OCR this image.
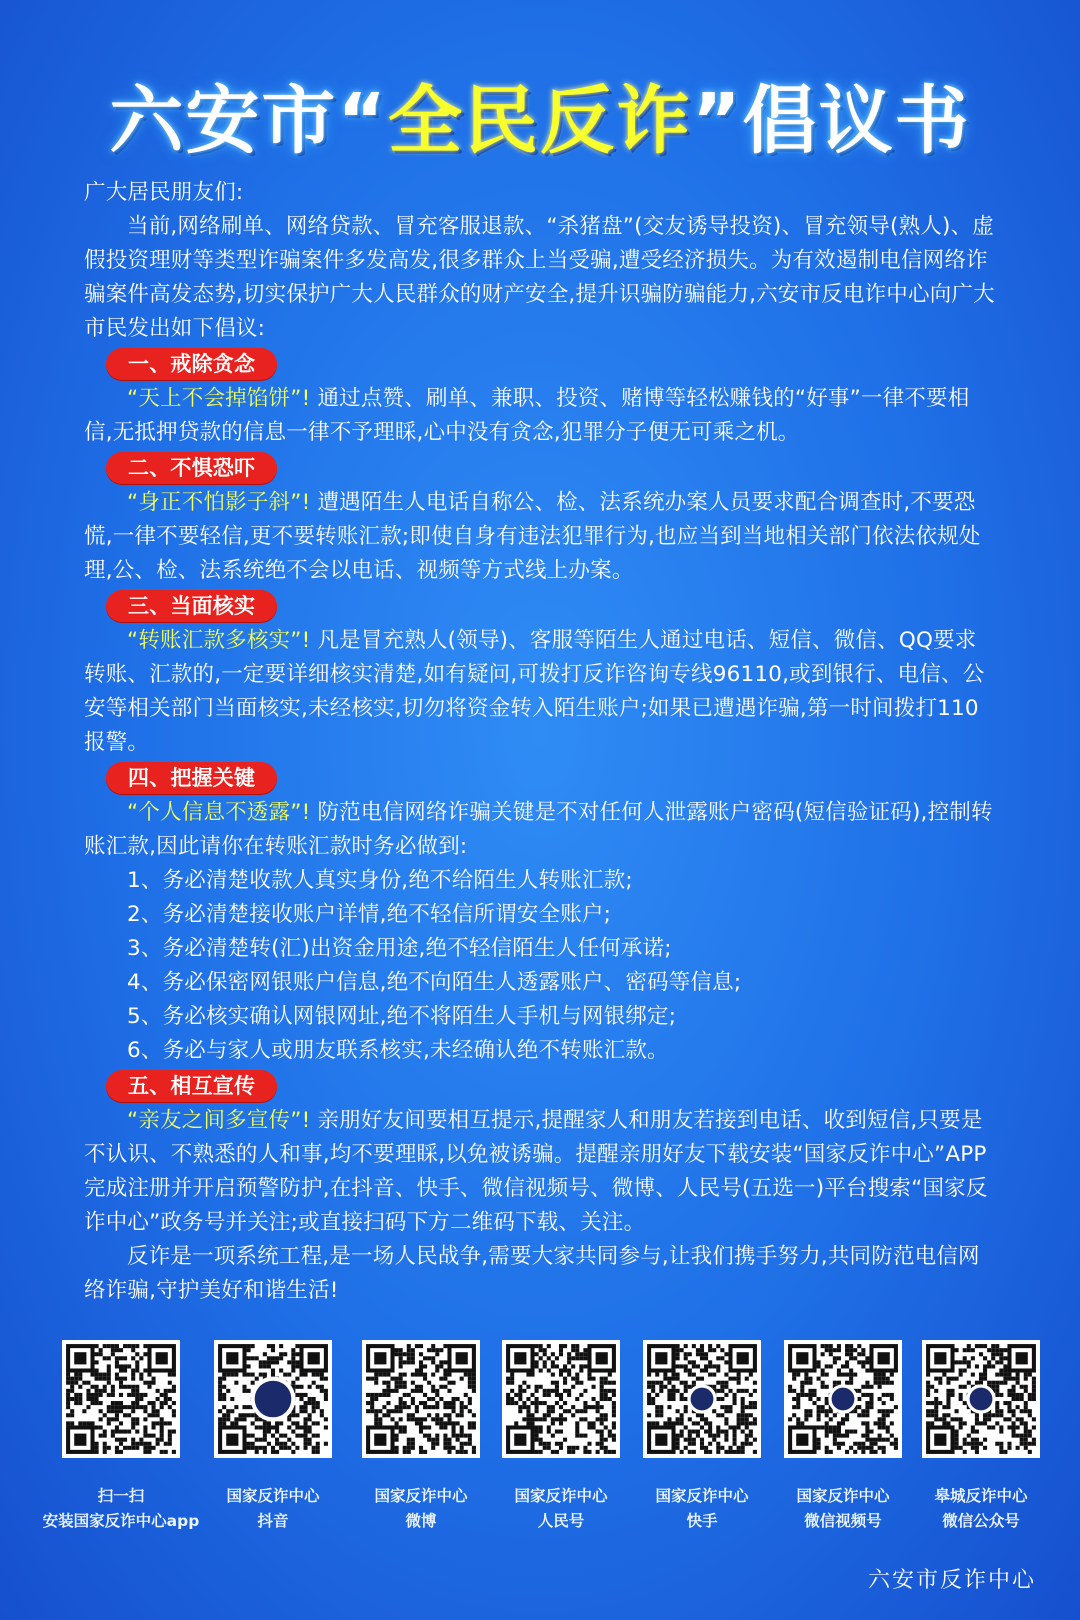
六安市“全民反诈”倡议书

广大居民朋友们:

当前,网络刷单、网络贷款、冒充客服退款、“杀猪盘”(交友诱导投资)、冒充领导(熟人)、虚假投资理财等类型诈骗案件多发高发,很多群众上当受骗,遭受经济损失。为有效遏制电信网络诈骗案件高发态势,切实保护广大人民群众的财产安全,提升识骗防骗能力,六安市反电诈中心向广大市民发出如下倡议:

一、戒除贪念

“天上不会掉馅饼”! 通过点赞、刷单、兼职、投资、赌博等轻松赚钱的“好事”一律不要相信,无抵押贷款的信息一律不予理睬,心中没有贪念,犯罪分子便无可乘之机。

二、不惧恐吓

“身正不怕影子斜”! 遭遇陌生人电话自称公、检、法系统办案人员要求配合调查时,不要恐慌,一律不要轻信,更不要转账汇款;即使自身有违法犯罪行为,也应当到当地相关部门依法依规处理,公、检、法系统绝不会以电话、视频等方式线上办案。

三、当面核实

“转账汇款多核实”! 凡是冒充熟人(领导)、客服等陌生人通过电话、短信、微信、QQ要求转账、汇款的,一定要详细核实清楚,如有疑问,可拨打反诈咨询专线96110,或到银行、电信、公安等相关部门当面核实,未经核实,切勿将资金转入陌生账户;如果已遭遇诈骗,第一时间拨打110报警。

四、把握关键

“个人信息不透露”! 防范电信网络诈骗关键是不对任何人泄露账户密码(短信验证码),控制转账汇款,因此请你在转账汇款时务必做到:

1、务必清楚收款人真实身份,绝不给陌生人转账汇款;

2、务必清楚接收账户详情,绝不轻信所谓安全账户;

3、务必清楚转(汇)出资金用途,绝不轻信陌生人任何承诺;

4、务必保密网银账户信息,绝不向陌生人透露账户、密码等信息;

5、务必核实确认网银网址,绝不将陌生人手机与网银绑定;

6、务必与家人或朋友联系核实,未经确认绝不转账汇款。

五、相互宣传

“亲友之间多宣传”! 亲朋好友间要相互提示,提醒家人和朋友若接到电话、收到短信,只要是不认识、不熟悉的人和事,均不要理睬,以免被诱骗。提醒亲朋好友下载安装“国家反诈中心”APP完成注册并开启预警防护,在抖音、快手、微信视频号、微博、人民号(五选一)平台搜索“国家反诈中心”政务号并关注;或直接扫码下方二维码下载、关注。

反诈是一项系统工程,是一场人民战争,需要大家共同参与,让我们携手努力,共同防范电信网络诈骗,守护美好和谐生活!

扫一扫
安装国家反诈中心app
国家反诈中心
抖音
国家反诈中心
微博
国家反诈中心
人民号
国家反诈中心
快手
国家反诈中心
微信视频号
皋城反诈中心
微信公众号
六安市反诈中心
